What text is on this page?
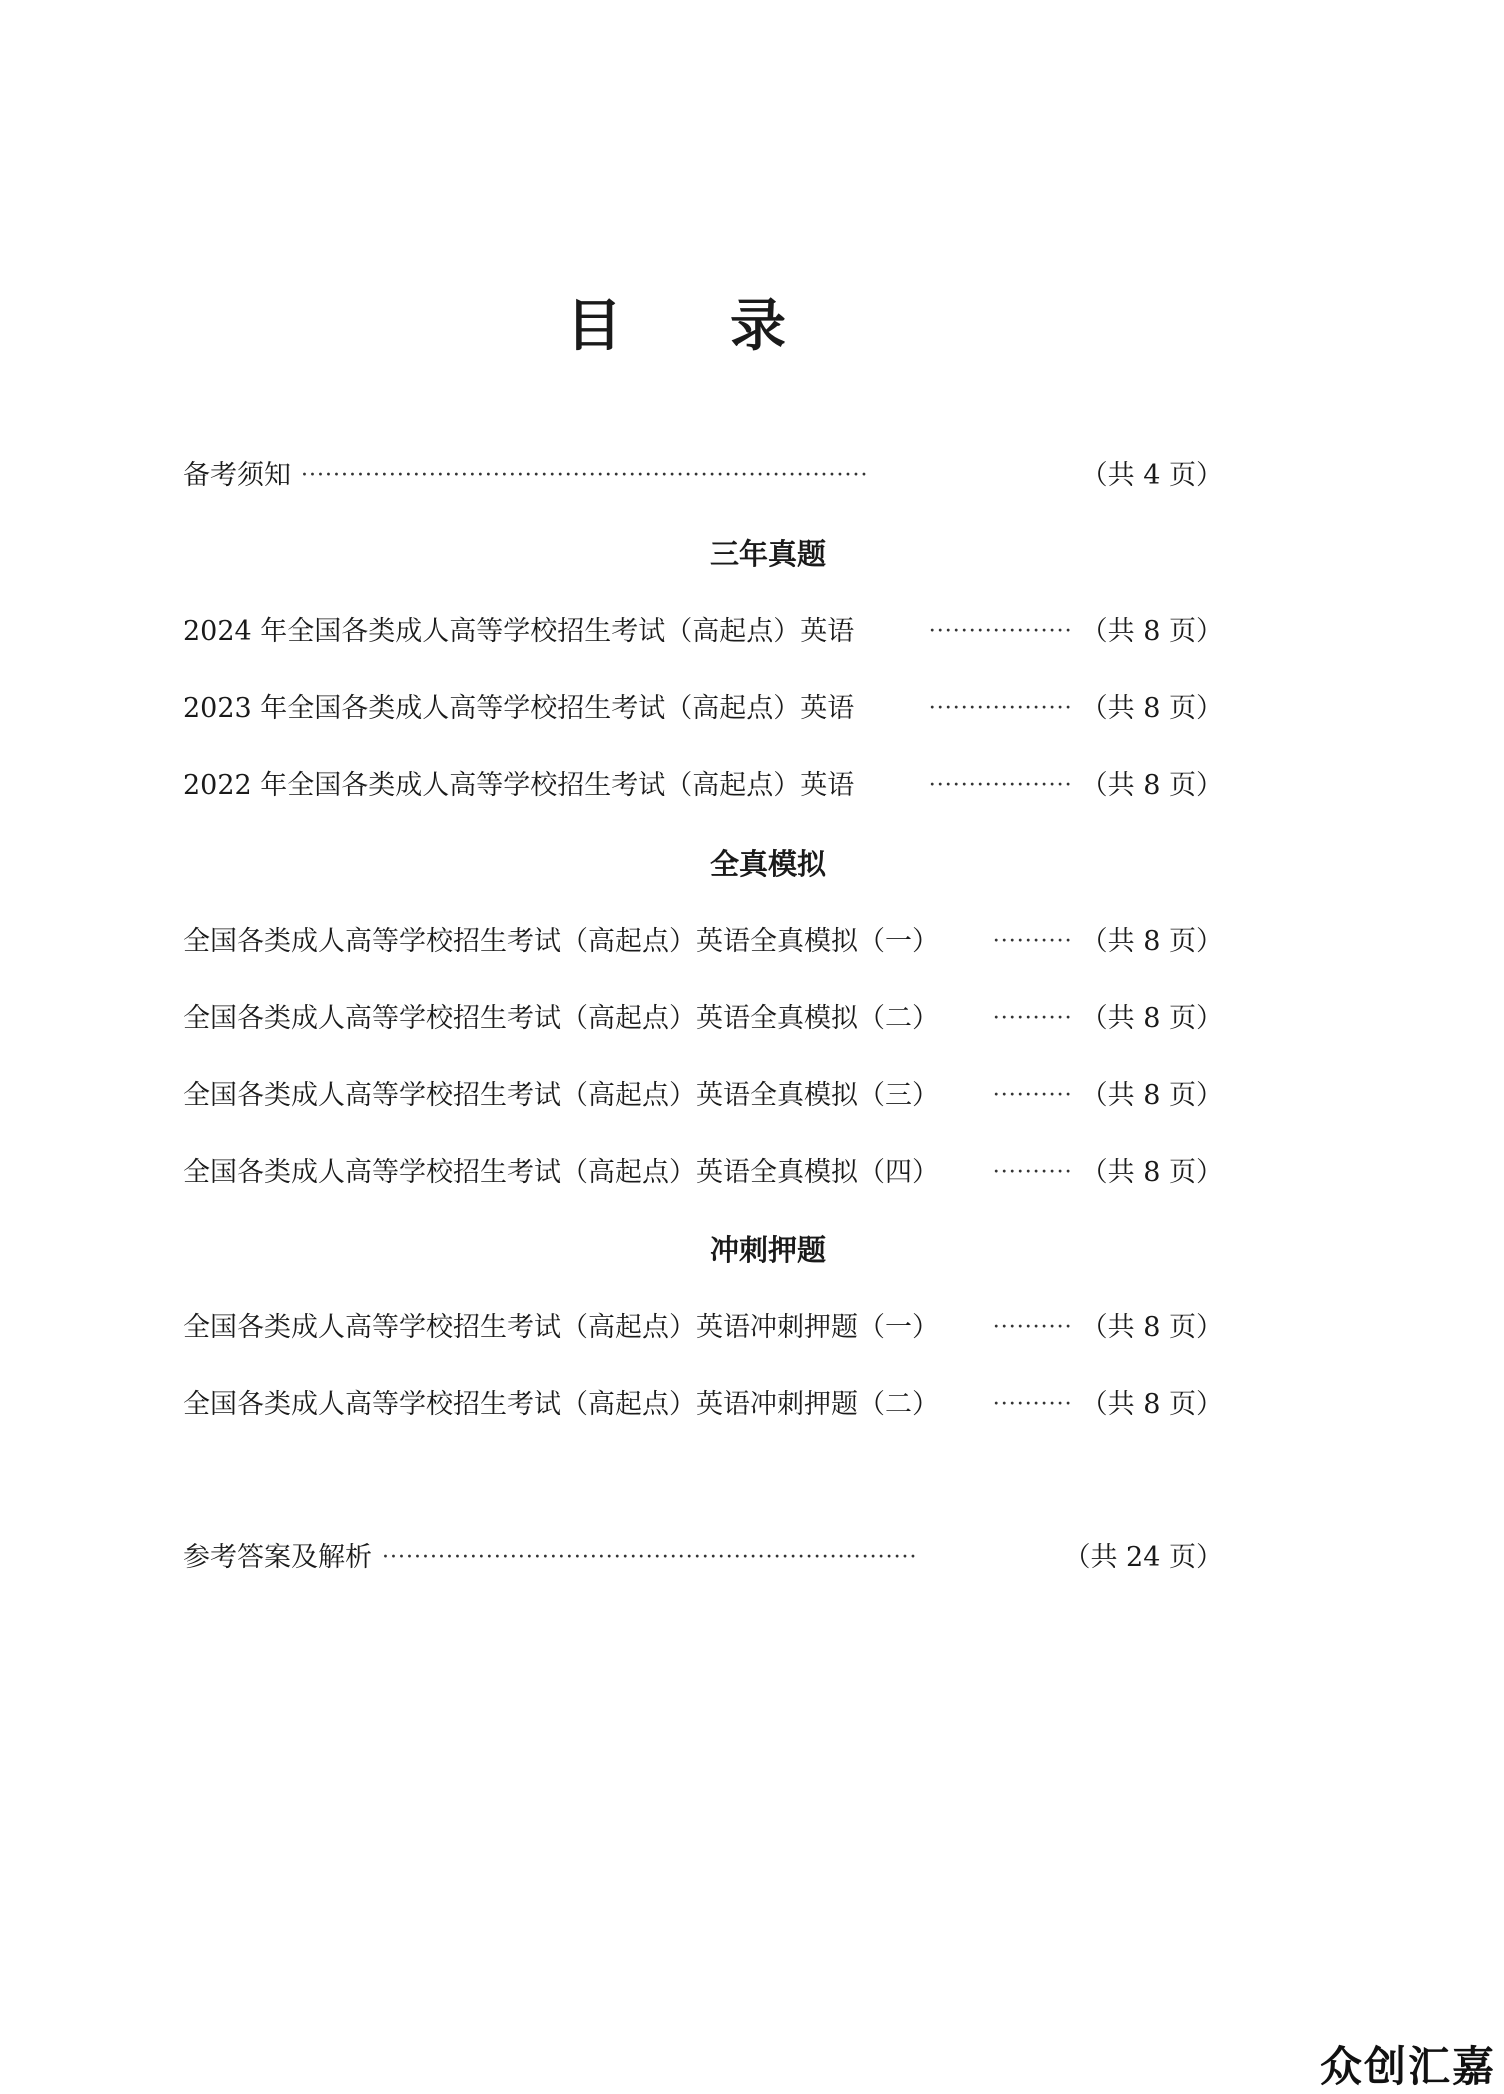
目 录
备考须知 ·······································································	（共 4 页）
三年真题
2024 年全国各类成人高等学校招生考试（高起点）英语	·················· （共 8 页）
2023 年全国各类成人高等学校招生考试（高起点）英语	·················· （共 8 页）
2022 年全国各类成人高等学校招生考试（高起点）英语	·················· （共 8 页）
全真模拟
全国各类成人高等学校招生考试（高起点）英语全真模拟（一） ·········· （共 8 页）
全国各类成人高等学校招生考试（高起点）英语全真模拟（二） ·········· （共 8 页）
全国各类成人高等学校招生考试（高起点）英语全真模拟（三） ·········· （共 8 页）
全国各类成人高等学校招生考试（高起点）英语全真模拟（四） ·········· （共 8 页）
冲刺押题
全国各类成人高等学校招生考试（高起点）英语冲刺押题（一） ·········· （共 8 页）
全国各类成人高等学校招生考试（高起点）英语冲刺押题（二） ·········· （共 8 页）
参考答案及解析 ···································································	（共 24 页）
众创汇嘉
